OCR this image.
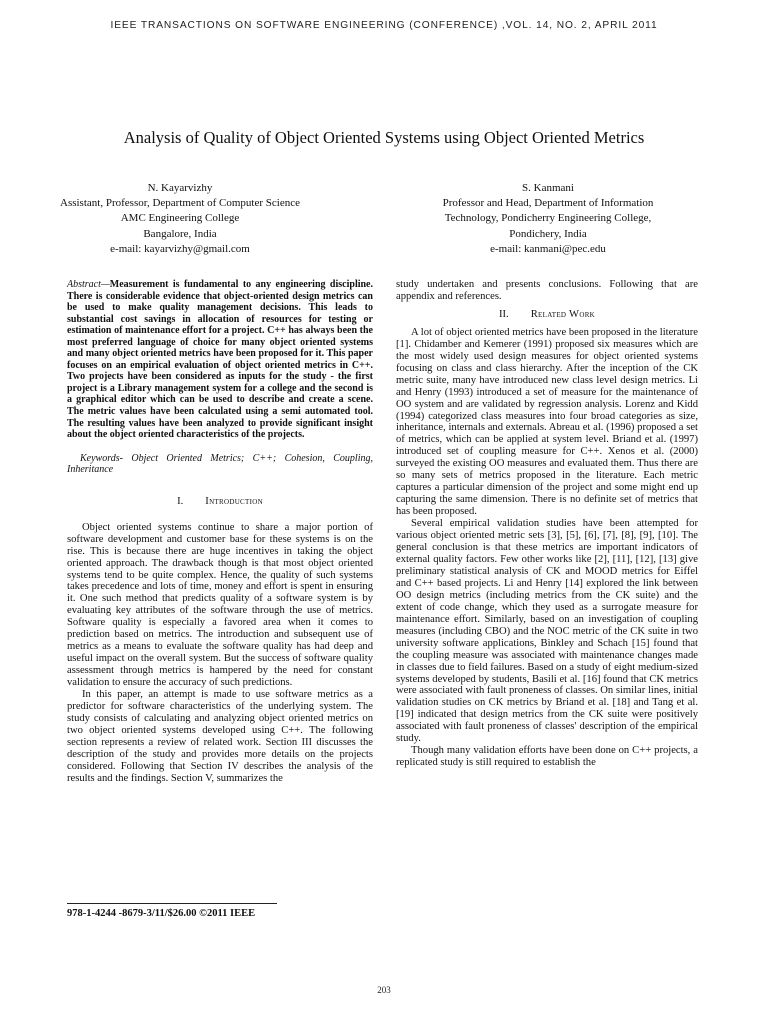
IEEE TRANSACTIONS ON SOFTWARE ENGINEERING (CONFERENCE) ,VOL. 14, NO. 2, APRIL 2011
Analysis of Quality of Object Oriented Systems using Object Oriented Metrics
N. Kayarvizhy
Assistant, Professor, Department of Computer Science
AMC Engineering College
Bangalore, India
e-mail: kayarvizhy@gmail.com
S. Kanmani
Professor and Head, Department of Information
Technology, Pondicherry Engineering College,
Pondichery, India
e-mail: kanmani@pec.edu

Abstract—Measurement is fundamental to any engineering discipline. There is considerable evidence that object-oriented design metrics can be used to make quality management decisions. This leads to substantial cost savings in allocation of resources for testing or estimation of maintenance effort for a project. C++ has always been the most preferred language of choice for many object oriented systems and many object oriented metrics have been proposed for it. This paper focuses on an empirical evaluation of object oriented metrics in C++. Two projects have been considered as inputs for the study - the first project is a Library management system for a college and the second is a graphical editor which can be used to describe and create a scene. The metric values have been calculated using a semi automated tool. The resulting values have been analyzed to provide significant insight about the object oriented characteristics of the projects.

Keywords- Object Oriented Metrics; C++; Cohesion, Coupling, Inheritance

I. Introduction

Object oriented systems continue to share a major portion of software development and customer base for these systems is on the rise. This is because there are huge incentives in taking the object oriented approach. The drawback though is that most object oriented systems tend to be quite complex. Hence, the quality of such systems takes precedence and lots of time, money and effort is spent in ensuring it. One such method that predicts quality of a software system is by evaluating key attributes of the software through the use of metrics. Software quality is especially a favored area when it comes to prediction based on metrics. The introduction and subsequent use of metrics as a means to evaluate the software quality has had deep and useful impact on the overall system. But the success of software quality assessment through metrics is hampered by the need for constant validation to ensure the accuracy of such predictions.

In this paper, an attempt is made to use software metrics as a predictor for software characteristics of the underlying system. The study consists of calculating and analyzing object oriented metrics on two object oriented systems developed using C++. The following section represents a review of related work. Section III discusses the description of the study and provides more details on the projects considered. Following that Section IV describes the analysis of the results and the findings. Section V, summarizes the

study undertaken and presents conclusions. Following that are appendix and references.

II. Related Work

A lot of object oriented metrics have been proposed in the literature [1]. Chidamber and Kemerer (1991) proposed six measures which are the most widely used design measures for object oriented systems focusing on class and class hierarchy. After the inception of the CK metric suite, many have introduced new class level design metrics. Li and Henry (1993) introduced a set of measure for the maintenance of OO system and are validated by regression analysis. Lorenz and Kidd (1994) categorized class measures into four broad categories as size, inheritance, internals and externals. Abreau et al. (1996) proposed a set of metrics, which can be applied at system level. Briand et al. (1997) introduced set of coupling measure for C++. Xenos et al. (2000) surveyed the existing OO measures and evaluated them. Thus there are so many sets of metrics proposed in the literature. Each metric captures a particular dimension of the project and some might end up capturing the same dimension. There is no definite set of metrics that has been proposed.

Several empirical validation studies have been attempted for various object oriented metric sets [3], [5], [6], [7], [8], [9], [10]. The general conclusion is that these metrics are important indicators of external quality factors. Few other works like [2], [11], [12], [13] give preliminary statistical analysis of CK and MOOD metrics for Eiffel and C++ based projects. Li and Henry [14] explored the link between OO design metrics (including metrics from the CK suite) and the extent of code change, which they used as a surrogate measure for maintenance effort. Similarly, based on an investigation of coupling measures (including CBO) and the NOC metric of the CK suite in two university software applications, Binkley and Schach [15] found that the coupling measure was associated with maintenance changes made in classes due to field failures. Based on a study of eight medium-sized systems developed by students, Basili et al. [16] found that CK metrics were associated with fault proneness of classes. On similar lines, initial validation studies on CK metrics by Briand et al. [18] and Tang et al. [19] indicated that design metrics from the CK suite were positively associated with fault proneness of classes' description of the empirical study.

Though many validation efforts have been done on C++ projects, a replicated study is still required to establish the

978-1-4244 -8679-3/11/$26.00 ©2011 IEEE
203
